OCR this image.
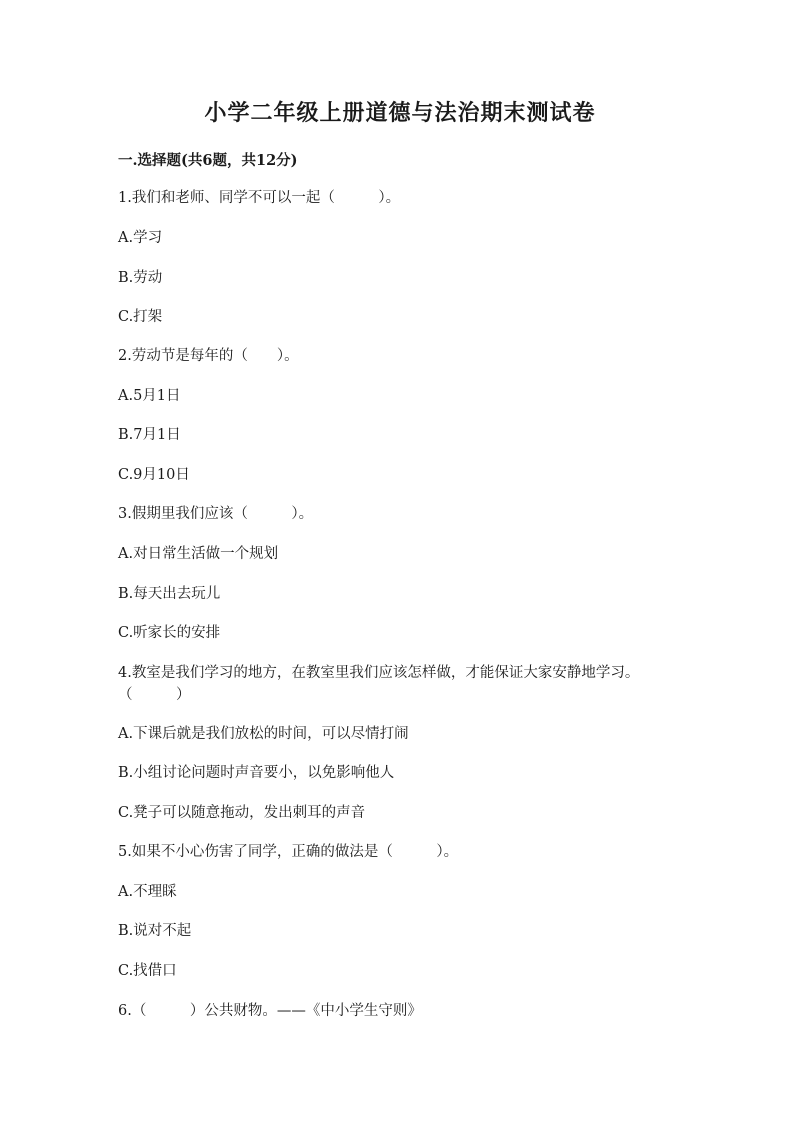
小学二年级上册道德与法治期末测试卷
一.选择题(共6题，共12分)
1.我们和老师、同学不可以一起（　　　）。
A.学习
B.劳动
C.打架
2.劳动节是每年的（　　）。
A.5月1日
B.7月1日
C.9月10日
3.假期里我们应该（　　　）。
A.对日常生活做一个规划
B.每天出去玩儿
C.听家长的安排
4.教室是我们学习的地方，在教室里我们应该怎样做，才能保证大家安静地学习。（　　　）
A.下课后就是我们放松的时间，可以尽情打闹
B.小组讨论问题时声音要小，以免影响他人
C.凳子可以随意拖动，发出刺耳的声音
5.如果不小心伤害了同学，正确的做法是（　　　）。
A.不理睬
B.说对不起
C.找借口
6.（　　　）公共财物。——《中小学生守则》
